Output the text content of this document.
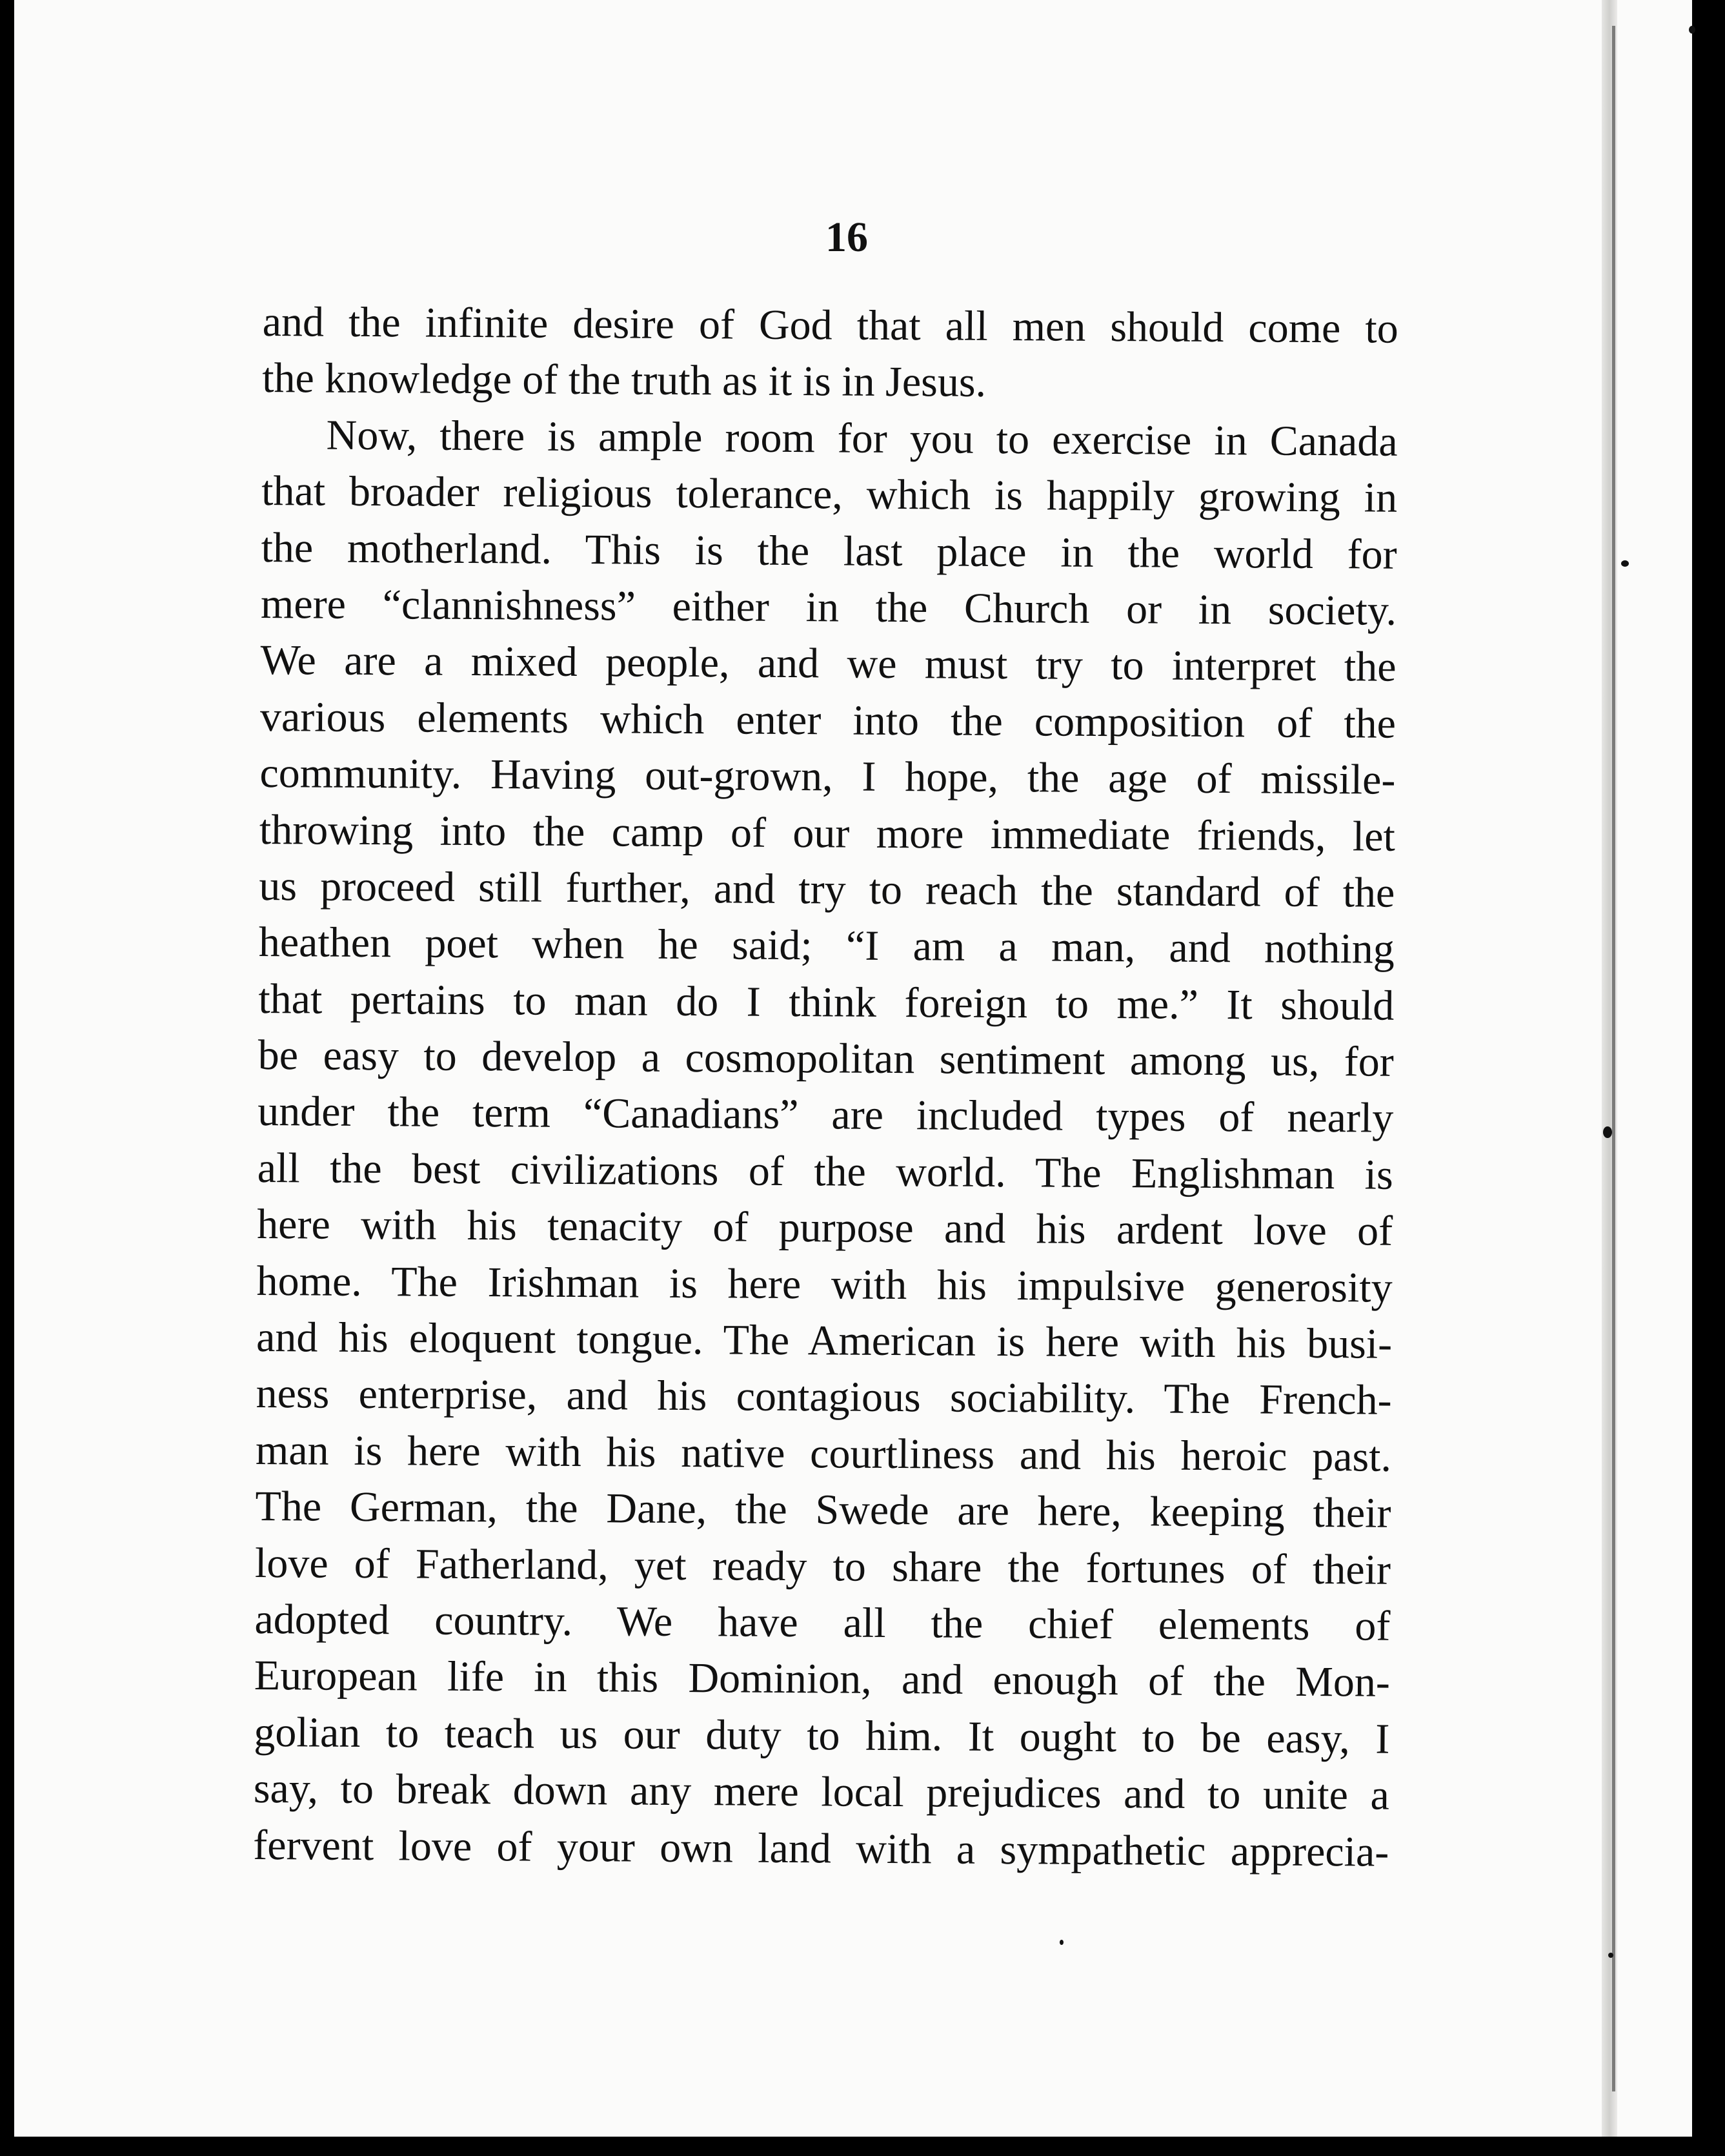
16
and the infinite desire of God that all men should come to
the knowledge of the truth as it is in Jesus.
Now, there is ample room for you to exercise in Canada
that broader religious tolerance, which is happily growing in
the motherland. This is the last place in the world for
mere “clannishness” either in the Church or in society.
We are a mixed people, and we must try to interpret the
various elements which enter into the composition of the
community. Having out-grown, I hope, the age of missile-
throwing into the camp of our more immediate friends, let
us proceed still further, and try to reach the standard of the
heathen poet when he said; “I am a man, and nothing
that pertains to man do I think foreign to me.” It should
be easy to develop a cosmopolitan sentiment among us, for
under the term “Canadians” are included types of nearly
all the best civilizations of the world. The Englishman is
here with his tenacity of purpose and his ardent love of
home. The Irishman is here with his impulsive generosity
and his eloquent tongue. The American is here with his busi-
ness enterprise, and his contagious sociability. The French-
man is here with his native courtliness and his heroic past.
The German, the Dane, the Swede are here, keeping their
love of Fatherland, yet ready to share the fortunes of their
adopted country. We have all the chief elements of
European life in this Dominion, and enough of the Mon-
golian to teach us our duty to him. It ought to be easy, I
say, to break down any mere local prejudices and to unite a
fervent love of your own land with a sympathetic apprecia-
